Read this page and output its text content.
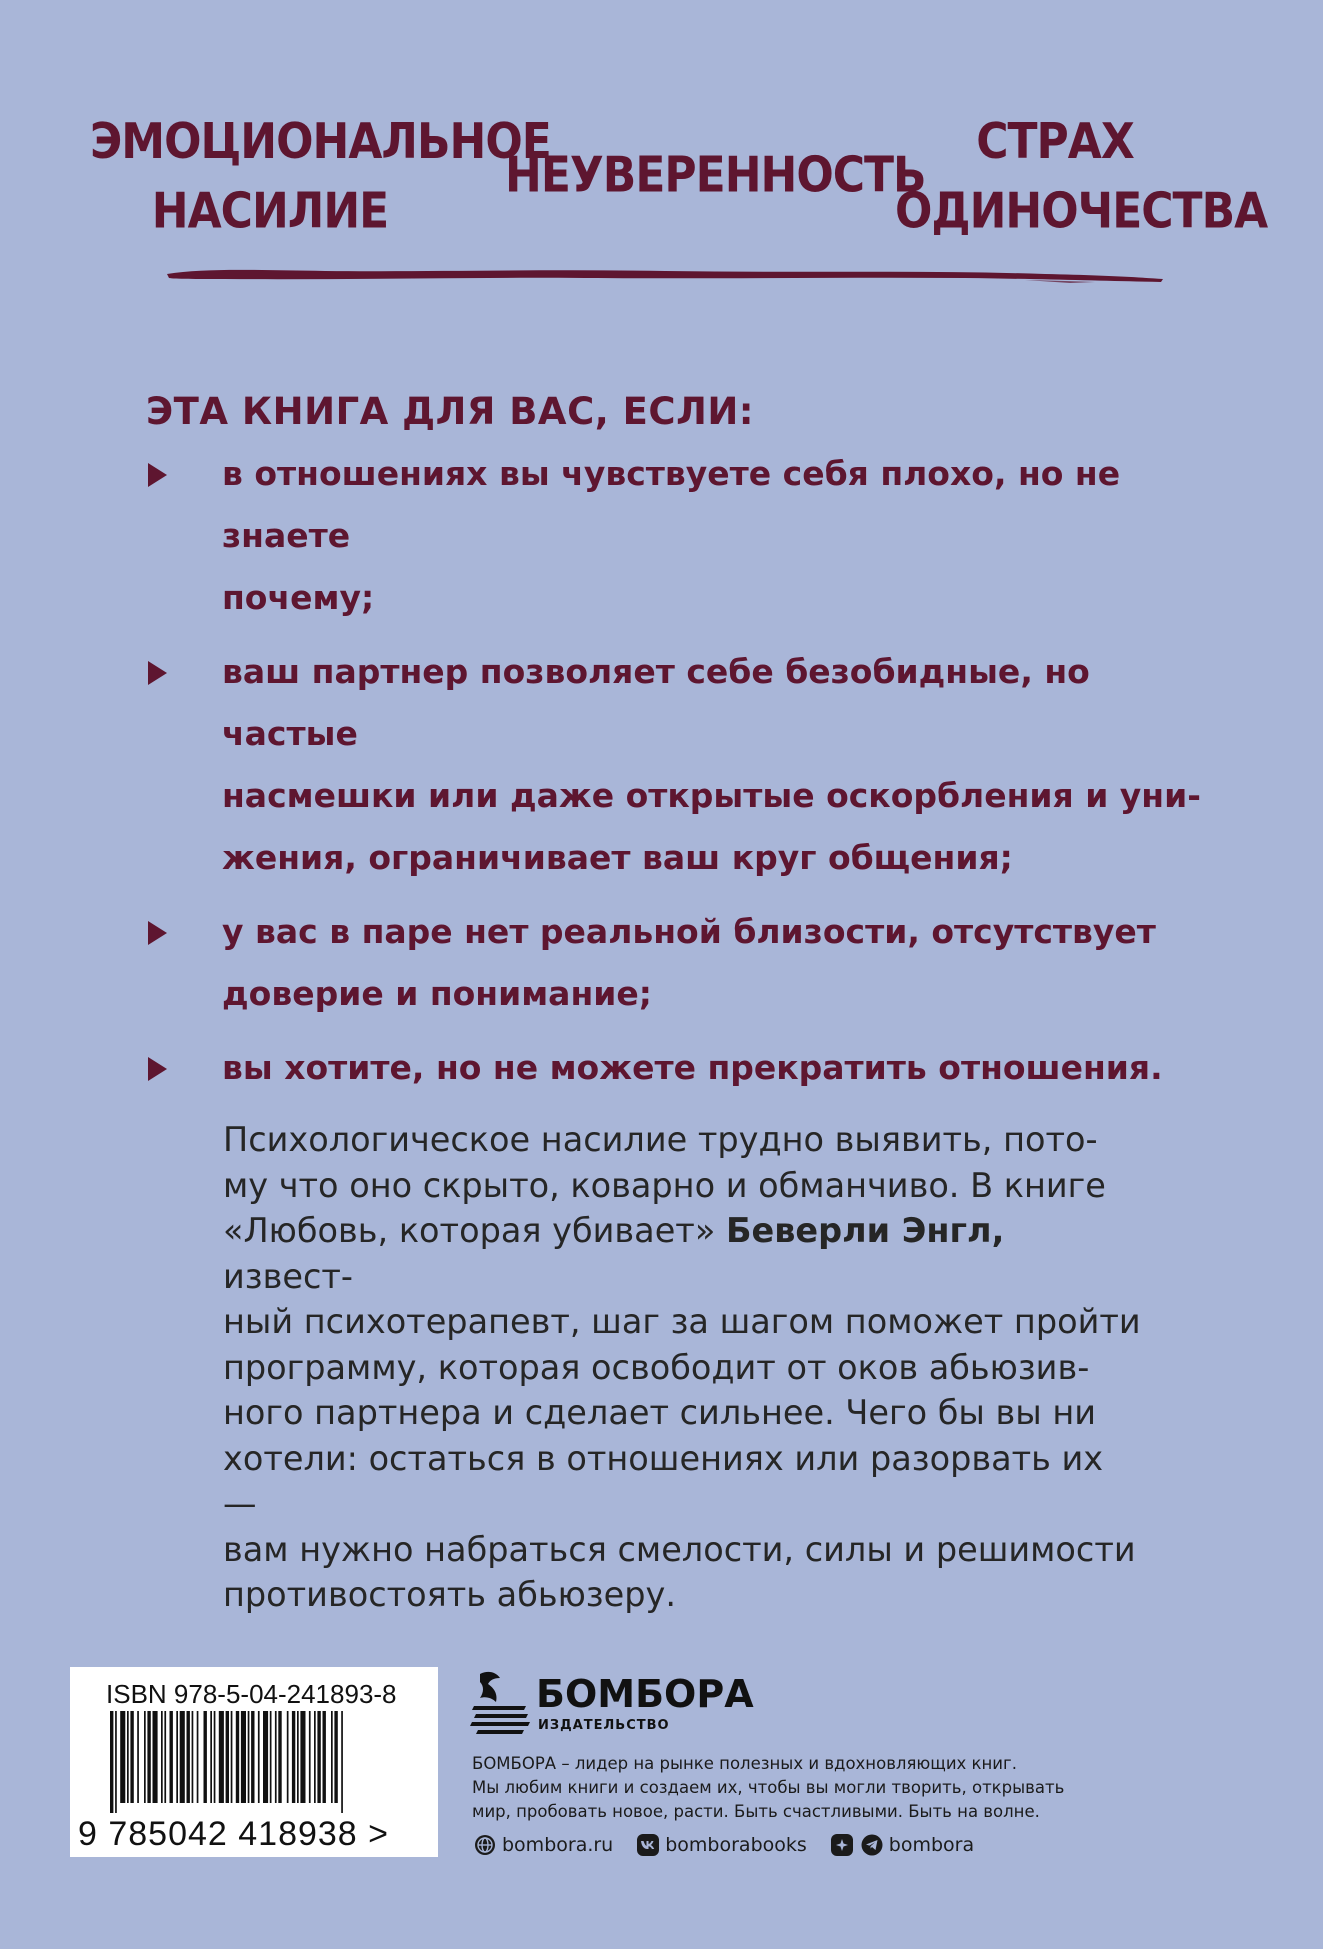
ЭМОЦИОНАЛЬНОЕ
НАСИЛИЕ
НЕУВЕРЕННОСТЬ
СТРАХ
ОДИНОЧЕСТВА
ЭТА КНИГА ДЛЯ ВАС, ЕСЛИ:

в отношениях вы чувствуете себя плохо, но не знаете
почему;

ваш партнер позволяет себе безобидные, но частые
насмешки или даже открытые оскорбления и уни-
жения, ограничивает ваш круг общения;

у вас в паре нет реальной близости, отсутствует
доверие и понимание;

вы хотите, но не можете прекратить отношения.

Психологическое насилие трудно выявить, пото-

му что оно скрыто, коварно и обманчиво. В книге

«Любовь, которая убивает» Беверли Энгл, извест-

ный психотерапевт, шаг за шагом поможет пройти

программу, которая освободит от оков абьюзив-

ного партнера и сделает сильнее. Чего бы вы ни

хотели: остаться в отношениях или разорвать их —

вам нужно набраться смелости, силы и решимости

противостоять абьюзеру.

ISBN 978-5-04-241893-8
9 785042 418938 >
БОМБОРА
ИЗДАТЕЛЬСТВО

БОМБОРА – лидер на рынке полезных и вдохновляющих книг.

Мы любим книги и создаем их, чтобы вы могли творить, открывать

мир, пробовать новое, расти. Быть счастливыми. Быть на волне.

bombora.ru	bomborabooks	bombora
